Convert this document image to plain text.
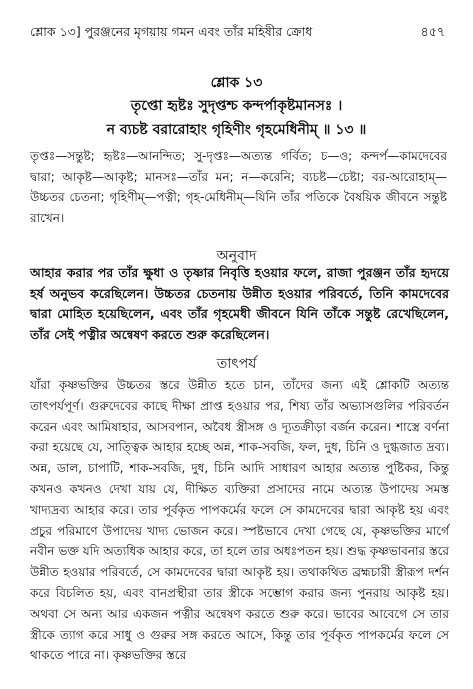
শ্লোক ১৩] পুরঞ্জনের মৃগয়ায় গমন এবং তাঁর মহিষীর ক্রোধ	৪৫৭
শ্লোক ১৩
তৃপ্তো হৃষ্টঃ সুদৃপ্তশ্চ কন্দর্পাকৃষ্টমানসঃ ।
ন ব্যচষ্ট বরারোহাং গৃহিণীং গৃহমেধিনীম্ ॥ ১৩ ॥
তৃপ্তঃ—সন্তুষ্ট; হৃষ্টঃ—আনন্দিত; সু-দৃপ্তঃ—অত্যন্ত গর্বিত; চ—ও; কন্দর্প—কামদেবের দ্বারা; আকৃষ্ট—আকৃষ্ট; মানসঃ—তাঁর মন; ন—করেনি; ব্যচষ্ট—চেষ্টা; বর-আরোহাম্—উচ্চতর চেতনা; গৃহিণীম্—পত্নী; গৃহ-মেধিনীম্—যিনি তাঁর পতিকে বৈষয়িক জীবনে সন্তুষ্ট রাখেন।
অনুবাদ
আহার করার পর তাঁর ক্ষুধা ও তৃষ্ণার নিবৃত্তি হওয়ার ফলে, রাজা পুরঞ্জন তাঁর হৃদয়ে হর্ষ অনুভব করেছিলেন। উচ্চতর চেতনায় উন্নীত হওয়ার পরিবর্তে, তিনি কামদেবের দ্বারা মোহিত হয়েছিলেন, এবং তাঁর গৃহমেধী জীবনে যিনি তাঁকে সন্তুষ্ট রেখেছিলেন, তাঁর সেই পত্নীর অন্বেষণ করতে শুরু করেছিলেন।
তাৎপর্য

যাঁরা কৃষ্ণভক্তির উচ্চতর স্তরে উন্নীত হতে চান, তাঁদের জন্য এই শ্লোকটি অত্যন্ত তাৎপর্যপূর্ণ। গুরুদেবের কাছে দীক্ষা প্রাপ্ত হওয়ার পর, শিষ্য তাঁর অভ্যাসগুলির পরিবর্তন করেন এবং আমিষাহার, আসবপান, অবৈধ স্ত্রীসঙ্গ ও দ্যূতক্রীড়া বর্জন করেন। শাস্ত্রে বর্ণনা করা হয়েছে যে, সাত্ত্বিক আহার হচ্ছে অন্ন, শাক-সবজি, ফল, দুধ, চিনি ও দুগ্ধজাত দ্রব্য। অন্ন, ডাল, চাপাটি, শাক-সবজি, দুধ, চিনি আদি সাধারণ আহার অত্যন্ত পুষ্টিকর, কিন্তু কখনও কখনও দেখা যায় যে, দীক্ষিত ব্যক্তিরা প্রসাদের নামে অত্যন্ত উপাদেয় সমস্ত খাদ্যদ্রব্য আহার করে। তার পূর্বকৃত পাপকর্মের ফলে সে কামদেবের দ্বারা আকৃষ্ট হয় এবং প্রচুর পরিমাণে উপাদেয় খাদ্য ভোজন করে। স্পষ্টভাবে দেখা গেছে যে, কৃষ্ণভক্তির মার্গে নবীন ভক্ত যদি অত্যধিক আহার করে, তা হলে তার অধঃপতন হয়। শুদ্ধ কৃষ্ণভাবনার স্তরে উন্নীত হওয়ার পরিবর্তে, সে কামদেবের দ্বারা আকৃষ্ট হয়। তথাকথিত ব্রহ্মচারী স্ত্রীরূপ দর্শন করে বিচলিত হয়, এবং বানপ্রস্থীরা তার স্ত্রীকে সম্ভোগ করার জন্য পুনরায় আকৃষ্ট হয়। অথবা সে অন্য আর একজন পত্নীর অন্বেষণ করতে শুরু করে। ভাবের আবেগে সে তার স্ত্রীকে ত্যাগ করে সাধু ও গুরুর সঙ্গ করতে আসে, কিন্তু তার পূর্বকৃত পাপকর্মের ফলে সে থাকতে পারে না। কৃষ্ণভক্তির স্তরে
